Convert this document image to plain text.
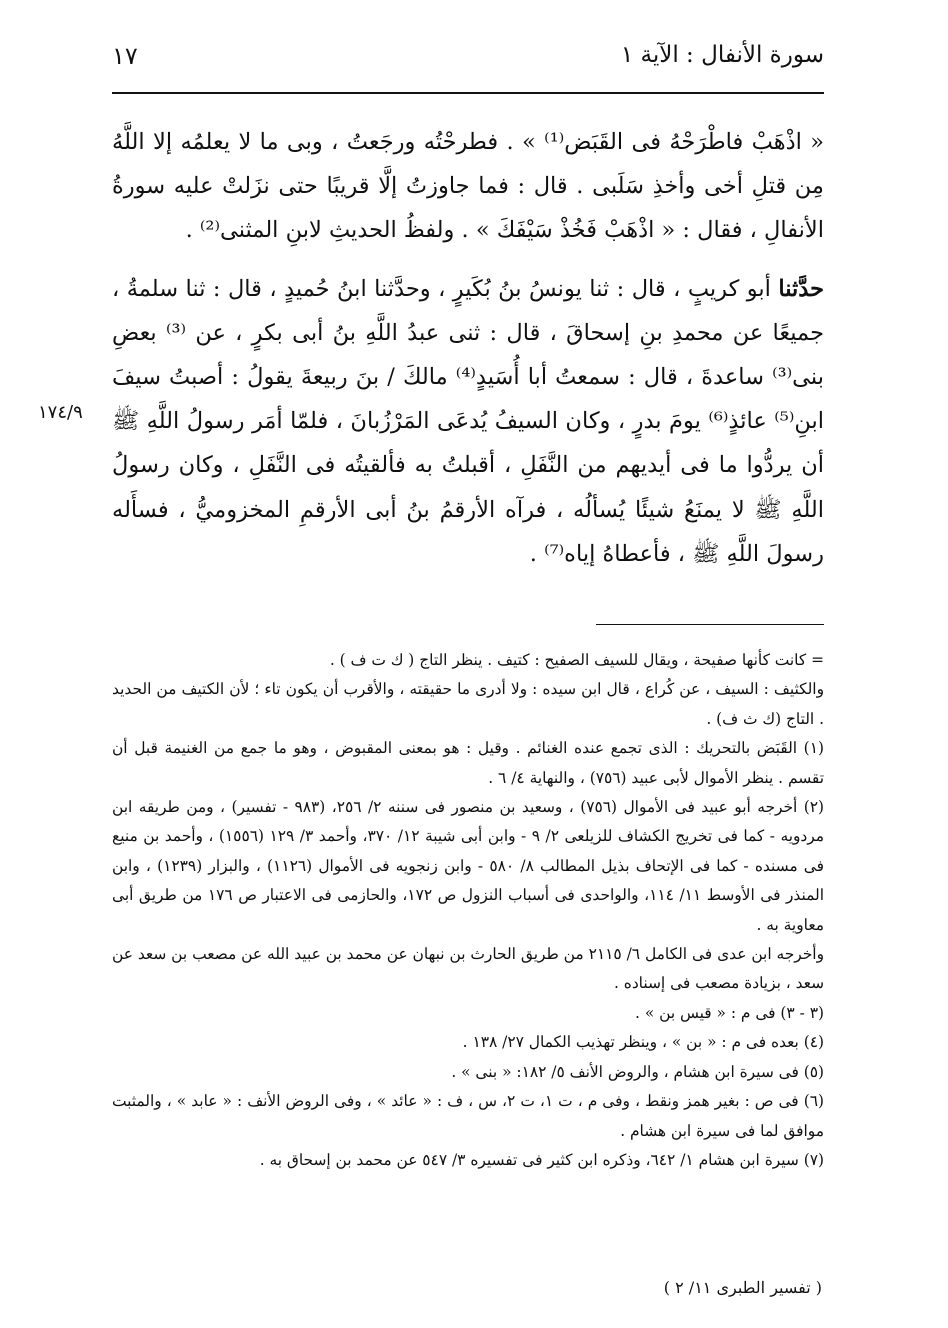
١٧	سورة الأنفال : الآية ١
١٧٤/٩

« اذْهَبْ فاطْرَحْهُ فى القَبَض⁽¹⁾ » . فطرحْتُه ورجَعتُ ، وبى ما لا يعلمُه إلا اللَّهُ مِن قتلِ أخى وأخذِ سَلَبى . قال : فما جاوزتُ إلَّا قريبًا حتى نزَلتْ عليه سورةُ الأنفالِ ، فقال : « اذْهَبْ فَخُذْ سَيْفَكَ » . ولفظُ الحديثِ لابنِ المثنى⁽²⁾ .

حدَّثنا أبو كريبٍ ، قال : ثنا يونسُ بنُ بُكَيرٍ ، وحدَّثنا ابنُ حُميدٍ ، قال : ثنا سلمةُ ، جميعًا عن محمدِ بنِ إسحاقَ ، قال : ثنى عبدُ اللَّهِ بنُ أبى بكرٍ ، عن ⁽³⁾ بعضِ بنى⁽³⁾ ساعدةَ ، قال : سمعتُ أبا أُسَيدٍ⁽⁴⁾ مالكَ / بنَ ربيعةَ يقولُ : أصبتُ سيفَ ابنِ⁽⁵⁾ عائذٍ⁽⁶⁾ يومَ بدرٍ ، وكان السيفُ يُدعَى المَرْزُبانَ ، فلمّا أمَر رسولُ اللَّهِ ﷺ أن يردُّوا ما فى أيديهم من النَّفَلِ ، أقبلتُ به فألقيتُه فى النَّفَلِ ، وكان رسولُ اللَّهِ ﷺ لا يمنَعُ شيئًا يُسألُه ، فرآه الأرقمُ بنُ أبى الأرقمِ المخزوميُّ ، فسأَله رسولَ اللَّهِ ﷺ ، فأعطاهُ إياه⁽⁷⁾ .

= كانت كأنها صفيحة ، ويقال للسيف الصفيح : كتيف . ينظر التاج ( ك ت ف ) .

والكثيف : السيف ، عن كُراع ، قال ابن سيده : ولا أدرى ما حقيقته ، والأقرب أن يكون تاء ؛ لأن الكتيف من الحديد . التاج (ك ث ف) .

(١) القَبَض بالتحريك : الذى تجمع عنده الغنائم . وقيل : هو بمعنى المقبوض ، وهو ما جمع من الغنيمة قبل أن تقسم . ينظر الأموال لأبى عبيد (٧٥٦) ، والنهاية ٤/ ٦ .

(٢) أخرجه أبو عبيد فى الأموال (٧٥٦) ، وسعيد بن منصور فى سننه ٢/ ٢٥٦، (٩٨٣ - تفسير) ، ومن طريقه ابن مردويه - كما فى تخريج الكشاف للزيلعى ٢/ ٩ - وابن أبى شيبة ١٢/ ٣٧٠، وأحمد ٣/ ١٢٩ (١٥٥٦) ، وأحمد بن منيع فى مسنده - كما فى الإتحاف بذيل المطالب ٨/ ٥٨٠ - وابن زنجويه فى الأموال (١١٢٦) ، والبزار (١٢٣٩) ، وابن المنذر فى الأوسط ١١/ ١١٤، والواحدى فى أسباب النزول ص ١٧٢، والحازمى فى الاعتبار ص ١٧٦ من طريق أبى معاوية به .

وأخرجه ابن عدى فى الكامل ٦/ ٢١١٥ من طريق الحارث بن نبهان عن محمد بن عبيد الله عن مصعب بن سعد عن سعد ، بزيادة مصعب فى إسناده .

(٣ - ٣) فى م : « قيس بن » .

(٤) بعده فى م : « بن » ، وينظر تهذيب الكمال ٢٧/ ١٣٨ .

(٥) فى سيرة ابن هشام ، والروض الأنف ٥/ ١٨٢: « بنى » .

(٦) فى ص : بغير همز ونقط ، وفى م ، ت ١، ت ٢، س ، ف : « عائد » ، وفى الروض الأنف : « عابد » ، والمثبت موافق لما فى سيرة ابن هشام .

(٧) سيرة ابن هشام ١/ ٦٤٢، وذكره ابن كثير فى تفسيره ٣/ ٥٤٧ عن محمد بن إسحاق به .

( تفسير الطبرى ١١/ ٢ )
